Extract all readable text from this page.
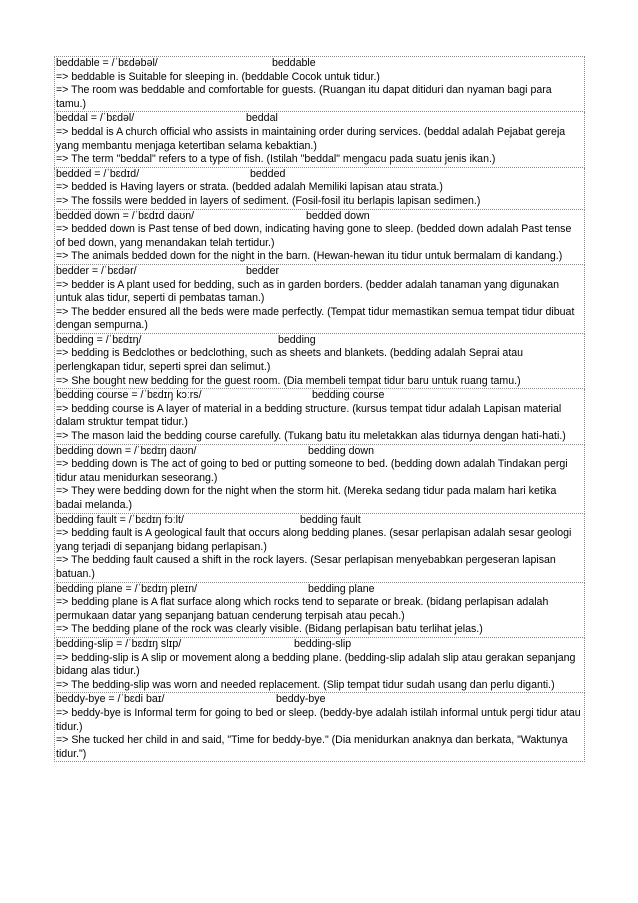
beddable = /ˈbɛdəbəl/	beddable

=> beddable is Suitable for sleeping in. (beddable Cocok untuk tidur.)

=> The room was beddable and comfortable for guests. (Ruangan itu dapat ditiduri dan nyaman bagi para tamu.)

beddal = /ˈbɛdəl/	beddal

=> beddal is A church official who assists in maintaining order during services. (beddal adalah Pejabat gereja yang membantu menjaga ketertiban selama kebaktian.)

=> The term "beddal" refers to a type of fish. (Istilah "beddal" mengacu pada suatu jenis ikan.)

bedded = /ˈbɛdɪd/	bedded

=> bedded is Having layers or strata. (bedded adalah Memiliki lapisan atau strata.)

=> The fossils were bedded in layers of sediment. (Fosil-fosil itu berlapis lapisan sedimen.)

bedded down = /ˈbɛdɪd daʊn/	bedded down

=> bedded down is Past tense of bed down, indicating having gone to sleep. (bedded down adalah Past tense of bed down, yang menandakan telah tertidur.)

=> The animals bedded down for the night in the barn. (Hewan-hewan itu tidur untuk bermalam di kandang.)

bedder = /ˈbɛdər/	bedder

=> bedder is A plant used for bedding, such as in garden borders. (bedder adalah tanaman yang digunakan untuk alas tidur, seperti di pembatas taman.)

=> The bedder ensured all the beds were made perfectly. (Tempat tidur memastikan semua tempat tidur dibuat dengan sempurna.)

bedding = /ˈbɛdɪŋ/	bedding

=> bedding is Bedclothes or bedclothing, such as sheets and blankets. (bedding adalah Seprai atau perlengkapan tidur, seperti sprei dan selimut.)

=> She bought new bedding for the guest room. (Dia membeli tempat tidur baru untuk ruang tamu.)

bedding course = /ˈbɛdɪŋ kɔːrs/	bedding course

=> bedding course is A layer of material in a bedding structure. (kursus tempat tidur adalah Lapisan material dalam struktur tempat tidur.)

=> The mason laid the bedding course carefully. (Tukang batu itu meletakkan alas tidurnya dengan hati-hati.)

bedding down = /ˈbɛdɪŋ daʊn/	bedding down

=> bedding down is The act of going to bed or putting someone to bed. (bedding down adalah Tindakan pergi tidur atau menidurkan seseorang.)

=> They were bedding down for the night when the storm hit. (Mereka sedang tidur pada malam hari ketika badai melanda.)

bedding fault = /ˈbɛdɪŋ fɔːlt/	bedding fault

=> bedding fault is A geological fault that occurs along bedding planes. (sesar perlapisan adalah sesar geologi yang terjadi di sepanjang bidang perlapisan.)

=> The bedding fault caused a shift in the rock layers. (Sesar perlapisan menyebabkan pergeseran lapisan batuan.)

bedding plane = /ˈbɛdɪŋ pleɪn/	bedding plane

=> bedding plane is A flat surface along which rocks tend to separate or break. (bidang perlapisan adalah permukaan datar yang sepanjang batuan cenderung terpisah atau pecah.)

=> The bedding plane of the rock was clearly visible. (Bidang perlapisan batu terlihat jelas.)

bedding-slip = /ˈbɛdɪŋ slɪp/	bedding-slip

=> bedding-slip is A slip or movement along a bedding plane. (bedding-slip adalah slip atau gerakan sepanjang bidang alas tidur.)

=> The bedding-slip was worn and needed replacement. (Slip tempat tidur sudah usang dan perlu diganti.)

beddy-bye = /ˈbɛdi baɪ/	beddy-bye

=> beddy-bye is Informal term for going to bed or sleep. (beddy-bye adalah istilah informal untuk pergi tidur atau tidur.)

=> She tucked her child in and said, "Time for beddy-bye." (Dia menidurkan anaknya dan berkata, "Waktunya tidur.")
